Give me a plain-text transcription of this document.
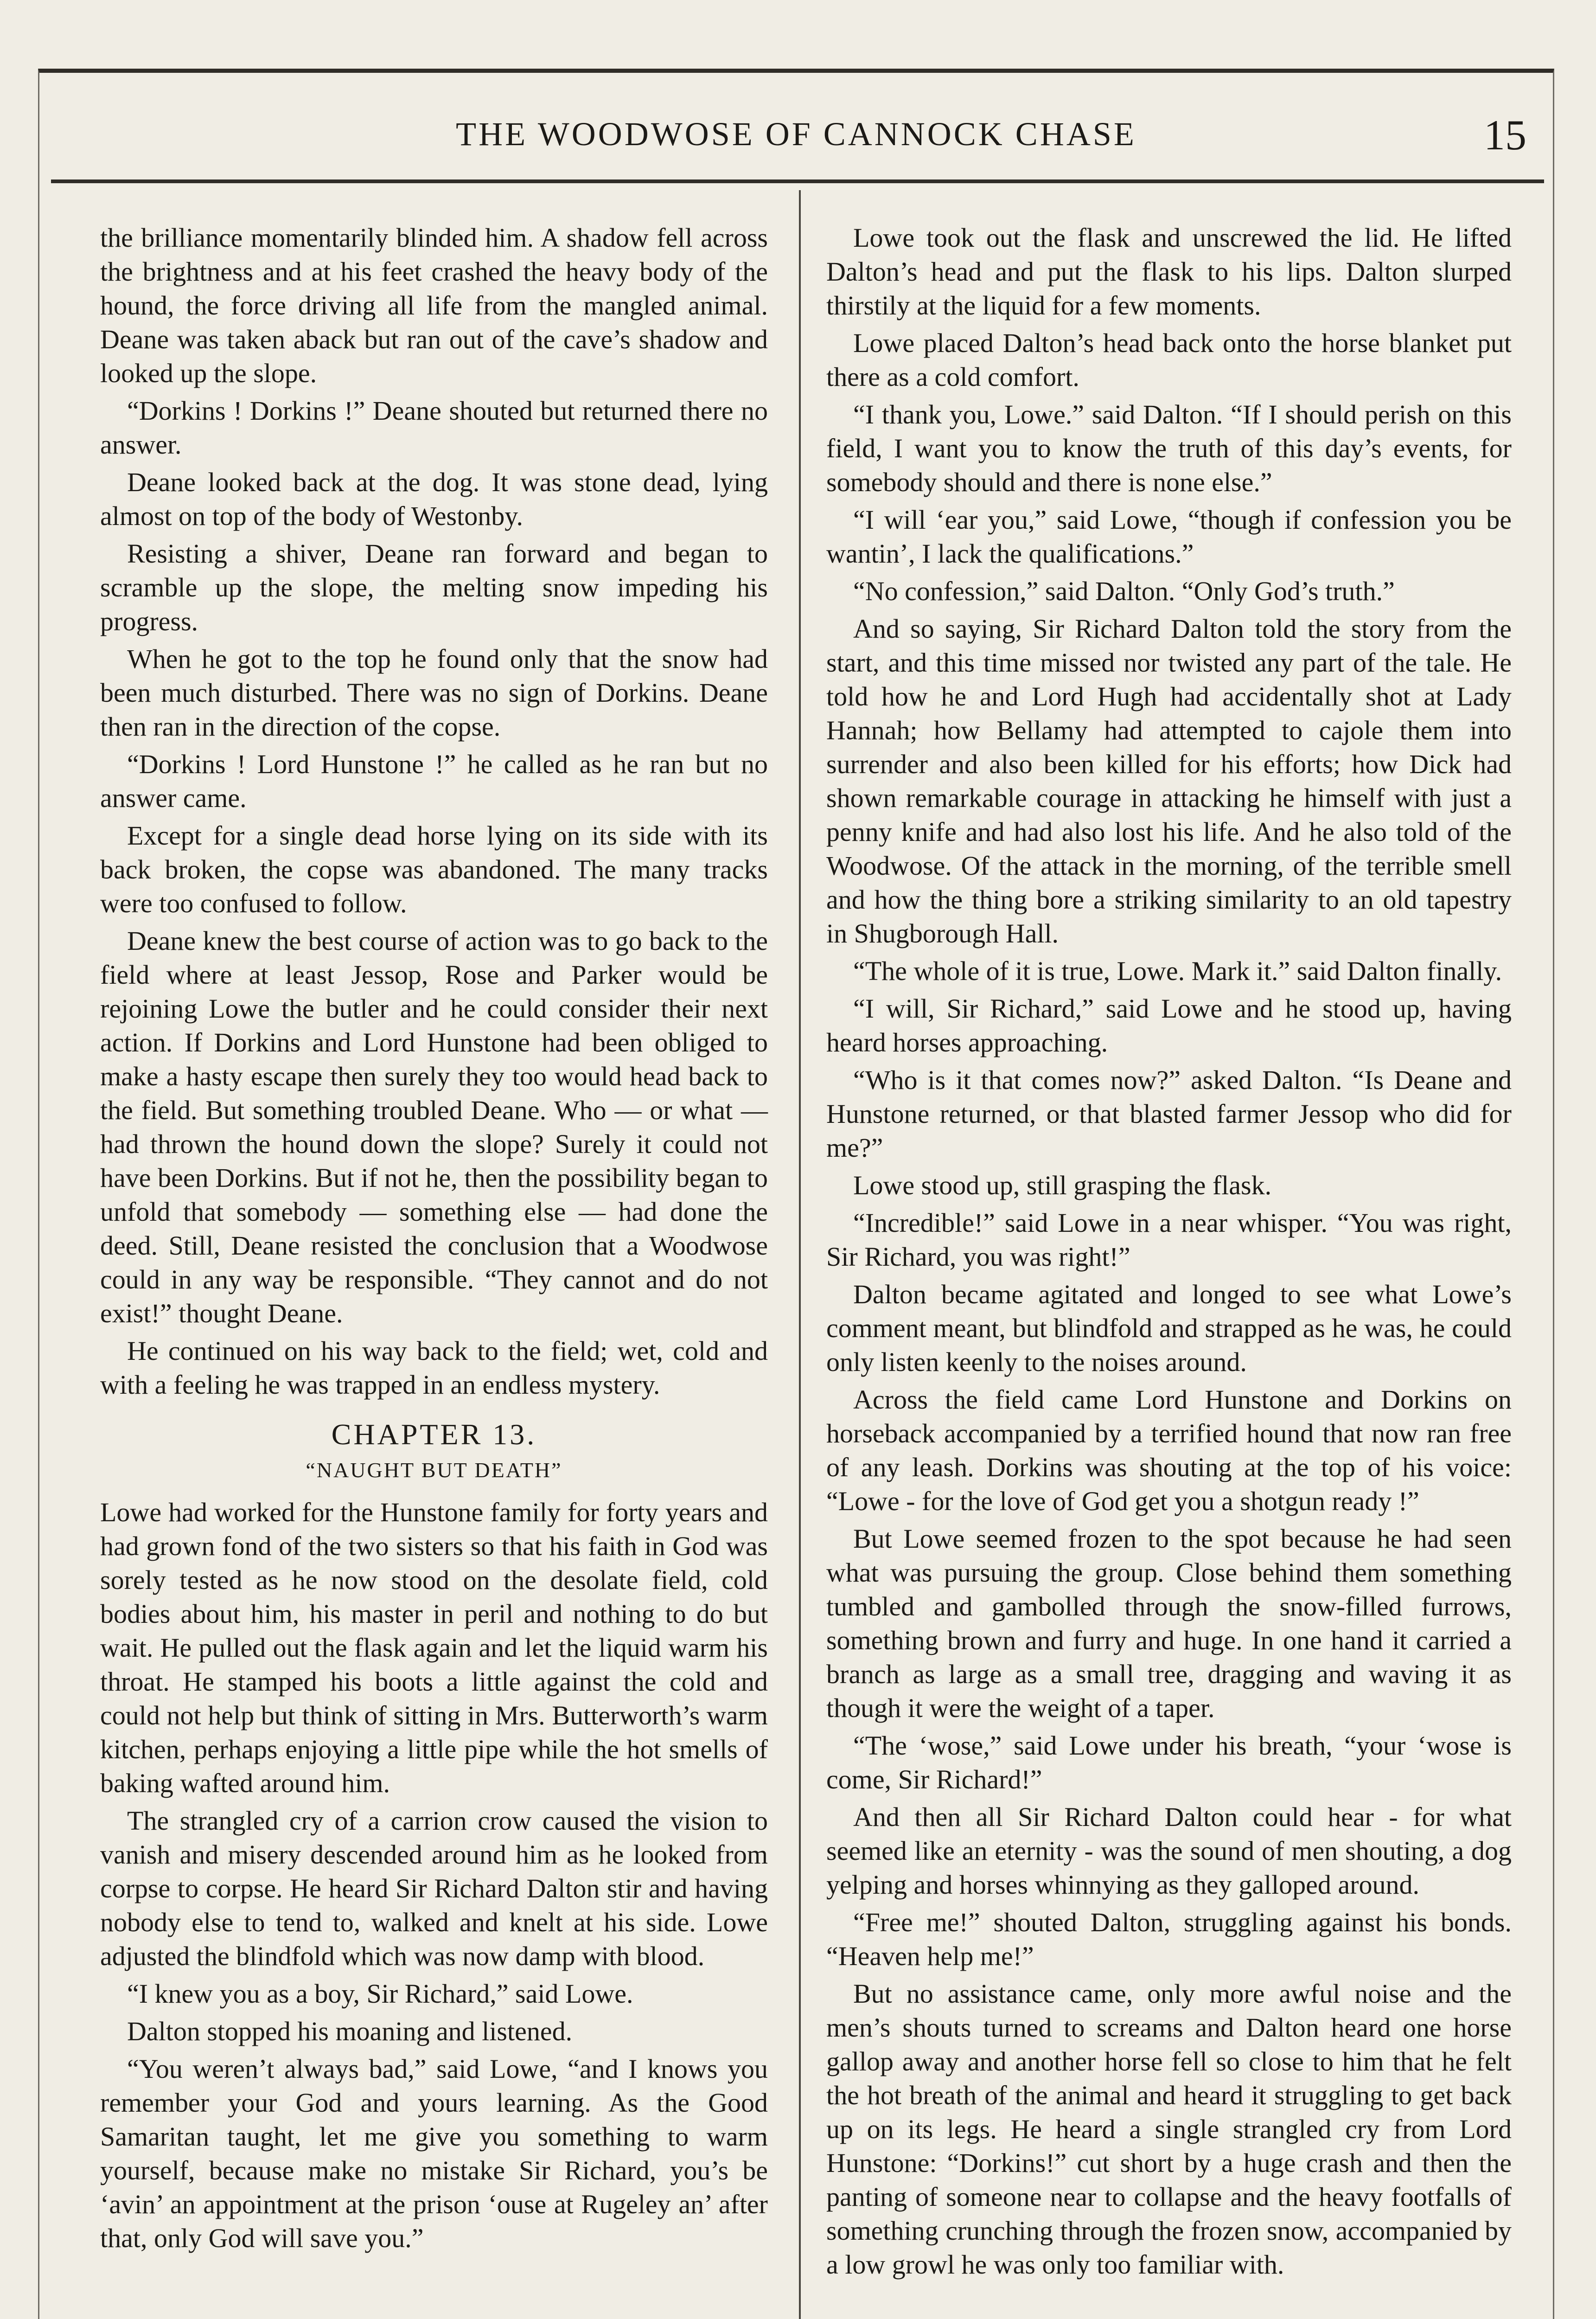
THE WOODWOSE OF CANNOCK CHASE	15

the brilliance momentarily blinded him. A shadow fell across the brightness and at his feet crashed the heavy body of the hound, the force driving all life from the mangled animal. Deane was taken aback but ran out of the cave’s shadow and looked up the slope.

“Dorkins ! Dorkins !” Deane shouted but returned there no answer.

Deane looked back at the dog. It was stone dead, lying almost on top of the body of Westonby.

Resisting a shiver, Deane ran forward and began to scramble up the slope, the melting snow impeding his progress.

When he got to the top he found only that the snow had been much disturbed. There was no sign of Dorkins. Deane then ran in the direction of the copse.

“Dorkins ! Lord Hunstone !” he called as he ran but no answer came.

Except for a single dead horse lying on its side with its back broken, the copse was abandoned. The many tracks were too confused to follow.

Deane knew the best course of action was to go back to the field where at least Jessop, Rose and Parker would be rejoining Lowe the butler and he could consider their next action. If Dorkins and Lord Hunstone had been obliged to make a hasty escape then surely they too would head back to the field. But something troubled Deane. Who — or what — had thrown the hound down the slope? Surely it could not have been Dorkins. But if not he, then the possibility began to unfold that somebody — something else — had done the deed. Still, Deane resisted the conclusion that a Woodwose could in any way be responsible. “They cannot and do not exist!” thought Deane.

He continued on his way back to the field; wet, cold and with a feeling he was trapped in an endless mystery.

CHAPTER 13.
“NAUGHT BUT DEATH”

Lowe had worked for the Hunstone family for forty years and had grown fond of the two sisters so that his faith in God was sorely tested as he now stood on the desolate field, cold bodies about him, his master in peril and nothing to do but wait. He pulled out the flask again and let the liquid warm his throat. He stamped his boots a little against the cold and could not help but think of sitting in Mrs. Butterworth’s warm kitchen, perhaps enjoying a little pipe while the hot smells of baking wafted around him.

The strangled cry of a carrion crow caused the vision to vanish and misery descended around him as he looked from corpse to corpse. He heard Sir Richard Dalton stir and having nobody else to tend to, walked and knelt at his side. Lowe adjusted the blindfold which was now damp with blood.

“I knew you as a boy, Sir Richard,” said Lowe.

Dalton stopped his moaning and listened.

“You weren’t always bad,” said Lowe, “and I knows you remember your God and yours learning. As the Good Samaritan taught, let me give you something to warm yourself, because make no mistake Sir Richard, you’s be ‘avin’ an appointment at the prison ‘ouse at Rugeley an’ after that, only God will save you.”

Lowe took out the flask and unscrewed the lid. He lifted Dalton’s head and put the flask to his lips. Dalton slurped thirstily at the liquid for a few moments.

Lowe placed Dalton’s head back onto the horse blanket put there as a cold comfort.

“I thank you, Lowe.” said Dalton. “If I should perish on this field, I want you to know the truth of this day’s events, for somebody should and there is none else.”

“I will ‘ear you,” said Lowe, “though if confession you be wantin’, I lack the qualifications.”

“No confession,” said Dalton. “Only God’s truth.”

And so saying, Sir Richard Dalton told the story from the start, and this time missed nor twisted any part of the tale. He told how he and Lord Hugh had accidentally shot at Lady Hannah; how Bellamy had attempted to cajole them into surrender and also been killed for his efforts; how Dick had shown remarkable courage in attacking he himself with just a penny knife and had also lost his life. And he also told of the Woodwose. Of the attack in the morning, of the terrible smell and how the thing bore a striking similarity to an old tapestry in Shugborough Hall.

“The whole of it is true, Lowe. Mark it.” said Dalton finally.

“I will, Sir Richard,” said Lowe and he stood up, having heard horses approaching.

“Who is it that comes now?” asked Dalton. “Is Deane and Hunstone returned, or that blasted farmer Jessop who did for me?”

Lowe stood up, still grasping the flask.

“Incredible!” said Lowe in a near whisper. “You was right, Sir Richard, you was right!”

Dalton became agitated and longed to see what Lowe’s comment meant, but blindfold and strapped as he was, he could only listen keenly to the noises around.

Across the field came Lord Hunstone and Dorkins on horseback accompanied by a terrified hound that now ran free of any leash. Dorkins was shouting at the top of his voice: “Lowe - for the love of God get you a shotgun ready !”

But Lowe seemed frozen to the spot because he had seen what was pursuing the group. Close behind them something tumbled and gambolled through the snow-filled furrows, something brown and furry and huge. In one hand it carried a branch as large as a small tree, dragging and waving it as though it were the weight of a taper.

“The ‘wose,” said Lowe under his breath, “your ‘wose is come, Sir Richard!”

And then all Sir Richard Dalton could hear - for what seemed like an eternity - was the sound of men shouting, a dog yelping and horses whinnying as they galloped around.

“Free me!” shouted Dalton, struggling against his bonds. “Heaven help me!”

But no assistance came, only more awful noise and the men’s shouts turned to screams and Dalton heard one horse gallop away and another horse fell so close to him that he felt the hot breath of the animal and heard it struggling to get back up on its legs. He heard a single strangled cry from Lord Hunstone: “Dorkins!” cut short by a huge crash and then the panting of someone near to collapse and the heavy footfalls of something crunching through the frozen snow, accompanied by a low growl he was only too familiar with.
